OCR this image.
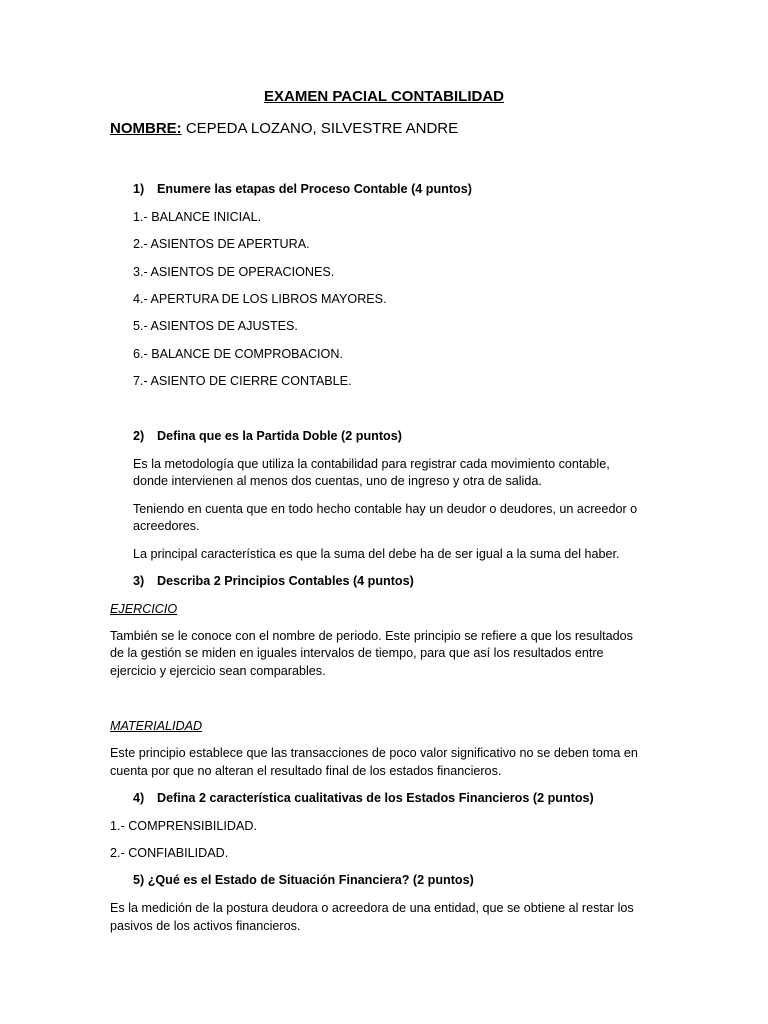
EXAMEN PACIAL CONTABILIDAD
NOMBRE: CEPEDA LOZANO, SILVESTRE ANDRE
1) Enumere las etapas del Proceso Contable (4 puntos)
1.- BALANCE INICIAL.
2.- ASIENTOS DE APERTURA.
3.- ASIENTOS DE OPERACIONES.
4.- APERTURA DE LOS LIBROS MAYORES.
5.- ASIENTOS DE AJUSTES.
6.- BALANCE DE COMPROBACION.
7.- ASIENTO DE CIERRE CONTABLE.
2) Defina que es la Partida Doble (2 puntos)
Es la metodología que utiliza la contabilidad para registrar cada movimiento contable,
donde intervienen al menos dos cuentas, uno de ingreso y otra de salida.
Teniendo en cuenta que en todo hecho contable hay un deudor o deudores, un acreedor o
acreedores.
La principal característica es que la suma del debe ha de ser igual a la suma del haber.
3) Describa 2 Principios Contables (4 puntos)
EJERCICIO
También se le conoce con el nombre de periodo. Este principio se refiere a que los resultados
de la gestión se miden en iguales intervalos de tiempo, para que así los resultados entre
ejercicio y ejercicio sean comparables.
MATERIALIDAD
Este principio establece que las transacciones de poco valor significativo no se deben toma en
cuenta por que no alteran el resultado final de los estados financieros.
4) Defina 2 característica cualitativas de los Estados Financieros (2 puntos)
1.- COMPRENSIBILIDAD.
2.- CONFIABILIDAD.
5) ¿Qué es el Estado de Situación Financiera? (2 puntos)
Es la medición de la postura deudora o acreedora de una entidad, que se obtiene al restar los
pasivos de los activos financieros.
